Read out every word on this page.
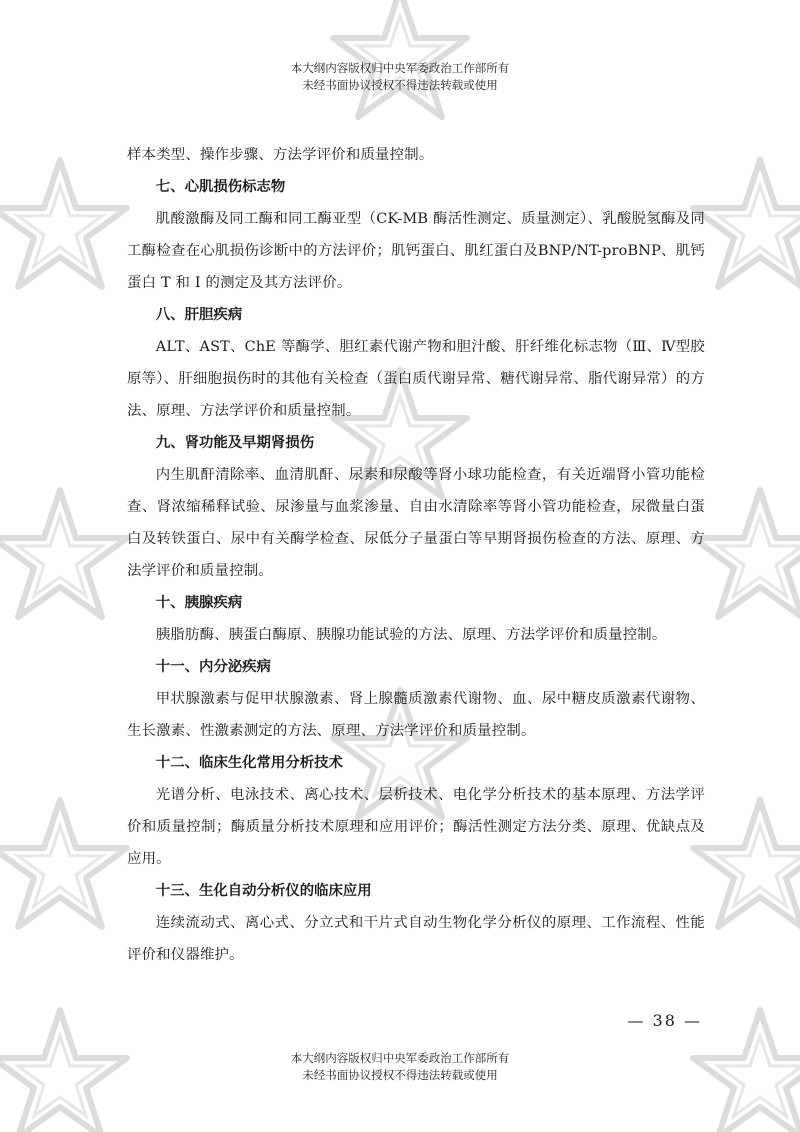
本大纲内容版权归中央军委政治工作部所有
未经书面协议授权不得违法转载或使用

样本类型、操作步骤、方法学评价和质量控制。

七、心肌损伤标志物

肌酸激酶及同工酶和同工酶亚型（CK-MB 酶活性测定、质量测定）、乳酸脱氢酶及同工酶检查在心肌损伤诊断中的方法评价；肌钙蛋白、肌红蛋白及BNP/NT-proBNP、肌钙蛋白 T 和 I 的测定及其方法评价。

八、肝胆疾病

ALT、AST、ChE 等酶学、胆红素代谢产物和胆汁酸、肝纤维化标志物（Ⅲ、Ⅳ型胶原等）、肝细胞损伤时的其他有关检查（蛋白质代谢异常、糖代谢异常、脂代谢异常）的方法、原理、方法学评价和质量控制。

九、肾功能及早期肾损伤

内生肌酐清除率、血清肌酐、尿素和尿酸等肾小球功能检查，有关近端肾小管功能检查、肾浓缩稀释试验、尿渗量与血浆渗量、自由水清除率等肾小管功能检查，尿微量白蛋白及转铁蛋白、尿中有关酶学检查、尿低分子量蛋白等早期肾损伤检查的方法、原理、方法学评价和质量控制。

十、胰腺疾病

胰脂肪酶、胰蛋白酶原、胰腺功能试验的方法、原理、方法学评价和质量控制。

十一、内分泌疾病

甲状腺激素与促甲状腺激素、肾上腺髓质激素代谢物、血、尿中糖皮质激素代谢物、生长激素、性激素测定的方法、原理、方法学评价和质量控制。

十二、临床生化常用分析技术

光谱分析、电泳技术、离心技术、层析技术、电化学分析技术的基本原理、方法学评价和质量控制；酶质量分析技术原理和应用评价；酶活性测定方法分类、原理、优缺点及应用。

十三、生化自动分析仪的临床应用

连续流动式、离心式、分立式和干片式自动生物化学分析仪的原理、工作流程、性能评价和仪器维护。

— 38 —
本大纲内容版权归中央军委政治工作部所有
未经书面协议授权不得违法转载或使用
